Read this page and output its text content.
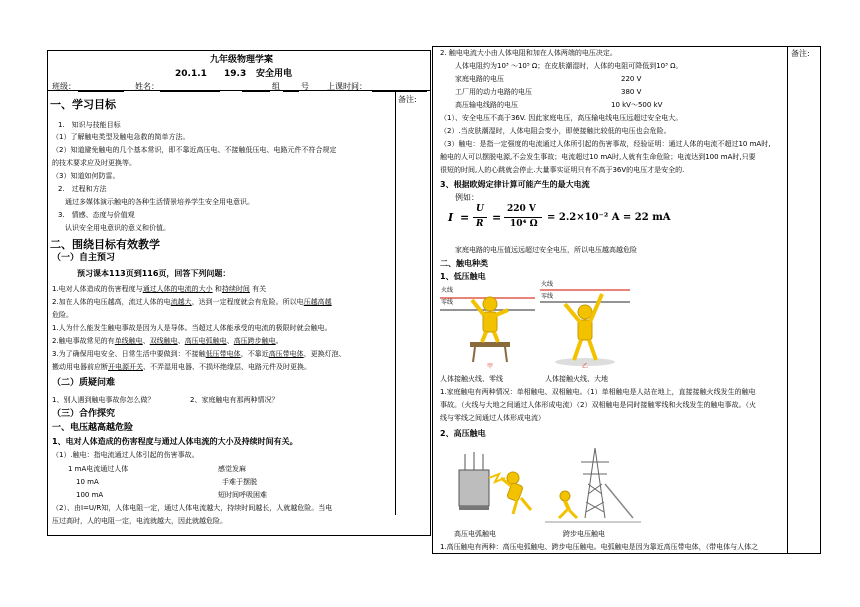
九年级物理学案
20.1.1 19.3 安全用电
班级：	姓名：	组	号 上课时间：
备注:
一、学习目标
1.　知识与技能目标
（1）了解触电类型及触电急救的简单方法。
（2）知道避免触电的几个基本常识，即不靠近高压电、不接触低压电、电路元件不符合规定
的技术要求应及时更换等。
（3）知道如何防雷。
2.　过程和方法
通过多媒体演示触电的各种生活情景培养学生安全用电意识。
3.　情感、态度与价值观
认识安全用电意识的意义和价值。
二、围绕目标有效教学
（一）自主预习
预习课本113页到116页，回答下列问题：
1.电对人体造成的伤害程度与通过人体的电流的大小 和持续时间 有关
2.加在人体的电压越高，流过人体的电流越大，达到一定程度就会有危险。所以电压越高越
危险。
1.人为什么能发生触电事故是因为人是导体。当超过人体能承受的电流的极限时就会触电。
2.触电事故常见的有单线触电、双线触电、高压电弧触电、高压跨步触电。
3.为了确保用电安全、日常生活中要做到：不接触低压带电体，不靠近高压带电体，更换灯泡、
搬动用电器前应断开电源开关、不弄湿用电器、不损坏绝缘层、电路元件及时更换。
（二）质疑问难
1、别人遇到触电事故你怎么做？	2、家庭触电有那两种情况？
（三）合作探究
一、电压越高越危险
1、电对人体造成的伤害程度与通过人体电流的大小及持续时间有关。
（1）.触电：指电流通过人体引起的伤害事故。
1 mA电流通过人体	感觉发麻
10 mA	手难于摆脱
100 mA	短时间呼吸困难
（2）、由I=U/R知，人体电阻一定，通过人体电流越大，持续时间越长，人就越危险。当电
压过高时，人的电阻一定，电流就越大，因此就越危险。
备注:
2. 触电电流大小由人体电阻和加在人体两端的电压决定。
人体电阻约为10³ ～10⁵ Ω；在皮肤潮湿时，人体的电阻可降低到10³ Ω。
家庭电路的电压	220 V
工厂用的动力电路的电压	380 V
高压输电线路的电压	10 kV～500 kV
（1）、安全电压不高于36V. 因此家庭电压，高压输电线电压远超过安全电大。
（2）.当皮肤潮湿时，人体电阻会变小，即使接触比较低的电压也会危险。
（3）触电：是指一定强度的电流通过人体所引起的伤害事故，经验证明：通过人体的电流不超过10 mA时,
触电的人可以摆脱电源,不会发生事故；电流超过10 mA时,人就有生命危险；电流达到100 mA时,只要
很短的时间,人的心跳就会停止.大量事实证明只有不高于36V的电压才是安全的.
3、根据欧姆定律计算可能产生的最大电流
例如：
I =
U
R =
220 V
10⁴ Ω
= 2.2×10⁻² A = 22 mA
家庭电路的电压值远远超过安全电压，所以电压越高越危险
二、触电种类
1、低压触电
火线
零线
甲
火线
零线
乙
人体接触火线、零线	人体接触火线、大地
1.家庭触电有两种情况：单相触电、双相触电。（1）单相触电是人站在地上，直接接触火线发生的触电
事故。（火线与大地之间通过人体形成电流）（2）双相触电是同时接触零线和火线发生的触电事故。（火
线与零线之间通过人体形成电流）
2、高压触电
高压电弧触电	跨步电压触电
1.高压触电有两种：高压电弧触电、跨步电压触电。电弧触电是因为靠近高压带电体，（带电体与人体之
